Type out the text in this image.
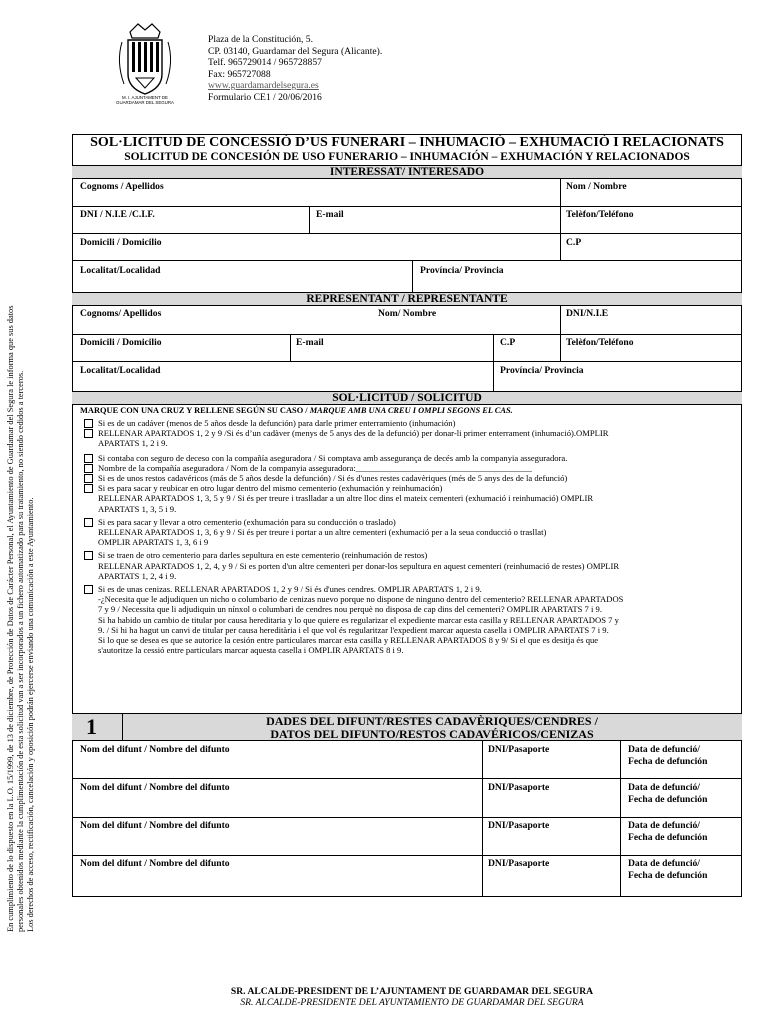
M. I. AJUNTAMENT DE
GUARDAMAR DEL SEGURA
Plaza de la Constitución, 5.
CP. 03140, Guardamar del Segura (Alicante).
Telf. 965729014 / 965728857
Fax: 965727088
www.guardamardelsegura.es
Formulario CE1 / 20/06/2016
En cumplimiento de lo dispuesto en la L.O. 15/1999, de 13 de diciembre, de Protección de Datos de Carácter Personal, el Ayuntamiento de Guardamar del Segura le informa que sus datos personales obtenidos mediante la cumplimentación de esta solicitud van a ser incorporados a un fichero automatizado para su tratamiento, no siendo cedidos a terceros. Los derechos de acceso, rectificación, cancelación y oposición podrán ejercerse enviando una comunicación a este Ayuntamiento.
SOL·LICITUD DE CONCESSIÓ D’US FUNERARI – INHUMACIÓ – EXHUMACIÓ I RELACIONATS
SOLICITUD DE CONCESIÓN DE USO FUNERARIO – INHUMACIÓN – EXHUMACIÓN Y RELACIONADOS
INTERESSAT/ INTERESADO
Cognoms / Apellidos	Nom / Nombre
DNI / N.I.E /C.I.F.	E-mail	Telèfon/Teléfono
Domicili / Domicilio	C.P
Localitat/Localidad	Província/ Provincia
REPRESENTANT / REPRESENTANTE
Cognoms/ Apellidos	Nom/ Nombre	DNI/N.I.E
Domicili / Domicilio	E-mail	C.P	Telèfon/Teléfono
Localitat/Localidad	Província/ Provincia
SOL·LICITUD / SOLICITUD
MARQUE CON UNA CRUZ Y RELLENE SEGÚN SU CASO / MARQUE AMB UNA CREU I OMPLI SEGONS EL CAS.
Si es de un cadáver (menos de 5 años desde la defunción) para darle primer enterramiento (inhumación)
RELLENAR APARTADOS 1, 2 y 9 /Si és d’un cadàver (menys de 5 anys des de la defunció) per donar-li primer enterrament (inhumació).OMPLIR
APARTATS 1, 2 i 9.
Si contaba con seguro de deceso con la compañía aseguradora / Si comptava amb assegurança de decés amb la companyia asseguradora.
Nombre de la compañía aseguradora / Nom de la companyia asseguradora:_________________________________________
Si es de unos restos cadavéricos (más de 5 años desde la defunción) / Si és d'unes restes cadavèriques (més de 5 anys des de la defunció)
Si es para sacar y reubicar en otro lugar dentro del mismo cementerio (exhumación y reinhumación)
RELLENAR APARTADOS 1, 3, 5 y 9 / Si és per treure i traslladar a un altre lloc dins el mateix cementeri (exhumació i reinhumació) OMPLIR
APARTATS 1, 3, 5 i 9.
Si es para sacar y llevar a otro cementerio (exhumación para su conducción o traslado)
RELLENAR APARTADOS 1, 3, 6 y 9 / Si és per treure i portar a un altre cementeri (exhumació per a la seua conducció o trasllat)
OMPLIR APARTATS 1, 3, 6 i 9
Si se traen de otro cementerio para darles sepultura en este cementerio (reinhumación de restos)
RELLENAR APARTADOS 1, 2, 4, y 9 / Si es porten d'un altre cementeri per donar-los sepultura en aquest cementeri (reinhumació de restes) OMPLIR
APARTATS 1, 2, 4 i 9.
Si es de unas cenizas. RELLENAR APARTADOS 1, 2 y 9 / Si és d'unes cendres. OMPLIR APARTATS 1, 2 i 9.
-¿Necesita que le adjudiquen un nicho o columbario de cenizas nuevo porque no dispone de ninguno dentro del cementerio? RELLENAR APARTADOS
7 y 9 / Necessita que li adjudiquin un nínxol o columbari de cendres nou perquè no disposa de cap dins del cementeri? OMPLIR APARTATS 7 i 9.
Si ha habido un cambio de titular por causa hereditaria y lo que quiere es regularizar el expediente marcar esta casilla y RELLENAR APARTADOS 7 y
9. / Si hi ha hagut un canvi de titular per causa hereditària i el que vol és regularitzar l'expedient marcar aquesta casella i OMPLIR APARTATS 7 i 9.
Si lo que se desea es que se autorice la cesión entre particulares marcar esta casilla y RELLENAR APARTADOS 8 y 9/ Si el que es desitja és que
s'autoritze la cessió entre particulars marcar aquesta casella i OMPLIR APARTATS 8 i 9.
1	DADES DEL DIFUNT/RESTES CADAVÈRIQUES/CENDRES /
DATOS DEL DIFUNTO/RESTOS CADAVÉRICOS/CENIZAS
Nom del difunt / Nombre del difunto	DNI/Pasaporte	Data de defunció/
Fecha de defunción
Nom del difunt / Nombre del difunto	DNI/Pasaporte	Data de defunció/
Fecha de defunción
Nom del difunt / Nombre del difunto	DNI/Pasaporte	Data de defunció/
Fecha de defunción
Nom del difunt / Nombre del difunto	DNI/Pasaporte	Data de defunció/
Fecha de defunción
SR. ALCALDE-PRESIDENT DE L’AJUNTAMENT DE GUARDAMAR DEL SEGURA
SR. ALCALDE-PRESIDENTE DEL AYUNTAMIENTO DE GUARDAMAR DEL SEGURA
